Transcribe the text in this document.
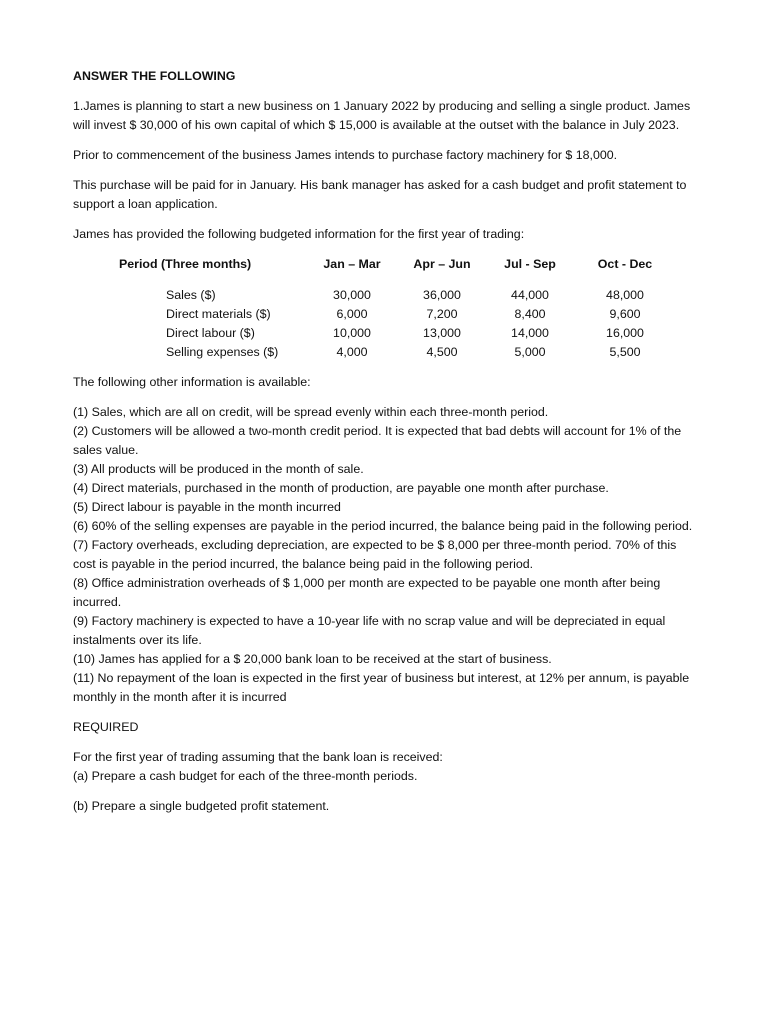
ANSWER THE FOLLOWING

1.James is planning to start a new business on 1 January 2022 by producing and selling a single product. James will invest $ 30,000 of his own capital of which $ 15,000 is available at the outset with the balance in July 2023.

Prior to commencement of the business James intends to purchase factory machinery for $ 18,000.

This purchase will be paid for in January. His bank manager has asked for a cash budget and profit statement to support a loan application.

James has provided the following budgeted information for the first year of trading:

Period (Three months)	Jan – Mar	Apr – Jun	Jul - Sep	Oct - Dec
Sales ($)	30,000	36,000	44,000	48,000
Direct materials ($)	6,000	7,200	8,400	9,600
Direct labour ($)	10,000	13,000	14,000	16,000
Selling expenses ($)	4,000	4,500	5,000	5,500

The following other information is available:

(1) Sales, which are all on credit, will be spread evenly within each three-month period.

(2) Customers will be allowed a two-month credit period. It is expected that bad debts will account for 1% of the sales value.

(3) All products will be produced in the month of sale.

(4) Direct materials, purchased in the month of production, are payable one month after purchase.

(5) Direct labour is payable in the month incurred

(6) 60% of the selling expenses are payable in the period incurred, the balance being paid in the following period.

(7) Factory overheads, excluding depreciation, are expected to be $ 8,000 per three-month period. 70% of this cost is payable in the period incurred, the balance being paid in the following period.

(8) Office administration overheads of $ 1,000 per month are expected to be payable one month after being incurred.

(9) Factory machinery is expected to have a 10-year life with no scrap value and will be depreciated in equal instalments over its life.

(10) James has applied for a $ 20,000 bank loan to be received at the start of business.

(11) No repayment of the loan is expected in the first year of business but interest, at 12% per annum, is payable monthly in the month after it is incurred

REQUIRED

For the first year of trading assuming that the bank loan is received:

(a) Prepare a cash budget for each of the three-month periods.

(b) Prepare a single budgeted profit statement.
